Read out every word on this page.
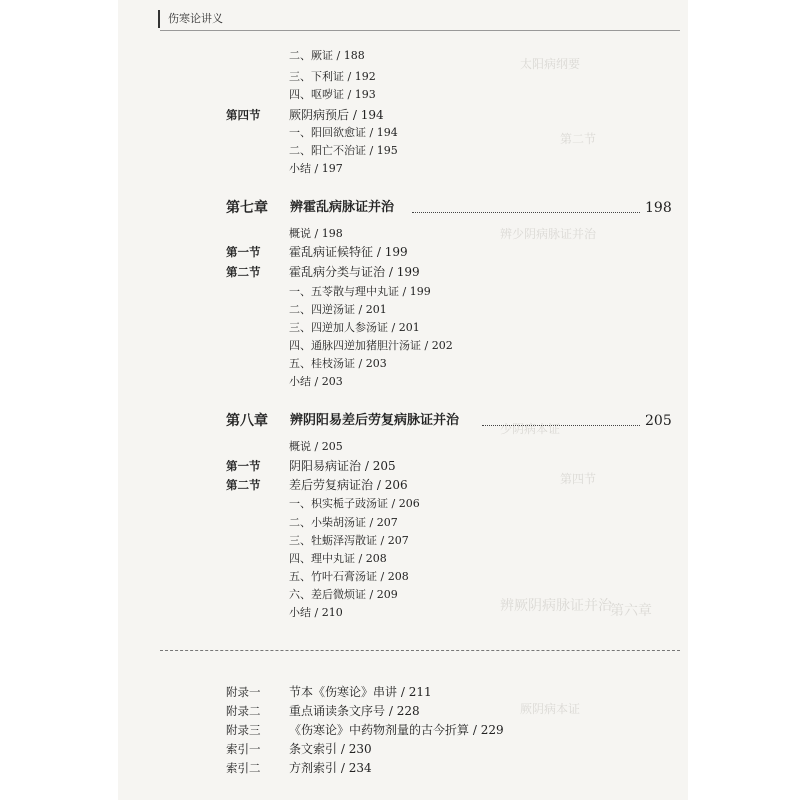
太阳病纲要
第二节
辨少阴病脉证并治
少阴病本证
第四节
辨厥阴病脉证并治
第六章
厥阴病本证
伤寒论讲义
二、厥证 / 188
三、下利证 / 192
四、呕哕证 / 193
第四节 厥阴病预后 / 194
一、阳回欲愈证 / 194
二、阳亡不治证 / 195
小结 / 197
第七章 辨霍乱病脉证并治	198
概说 / 198
第一节 霍乱病证候特征 / 199
第二节 霍乱病分类与证治 / 199
一、五苓散与理中丸证 / 199
二、四逆汤证 / 201
三、四逆加人参汤证 / 201
四、通脉四逆加猪胆汁汤证 / 202
五、桂枝汤证 / 203
小结 / 203
第八章 辨阴阳易差后劳复病脉证并治	205
概说 / 205
第一节 阴阳易病证治 / 205
第二节 差后劳复病证治 / 206
一、枳实栀子豉汤证 / 206
二、小柴胡汤证 / 207
三、牡蛎泽泻散证 / 207
四、理中丸证 / 208
五、竹叶石膏汤证 / 208
六、差后微烦证 / 209
小结 / 210
附录一 节本《伤寒论》串讲 / 211
附录二 重点诵读条文序号 / 228
附录三 《伤寒论》中药物剂量的古今折算 / 229
索引一 条文索引 / 230
索引二 方剂索引 / 234
